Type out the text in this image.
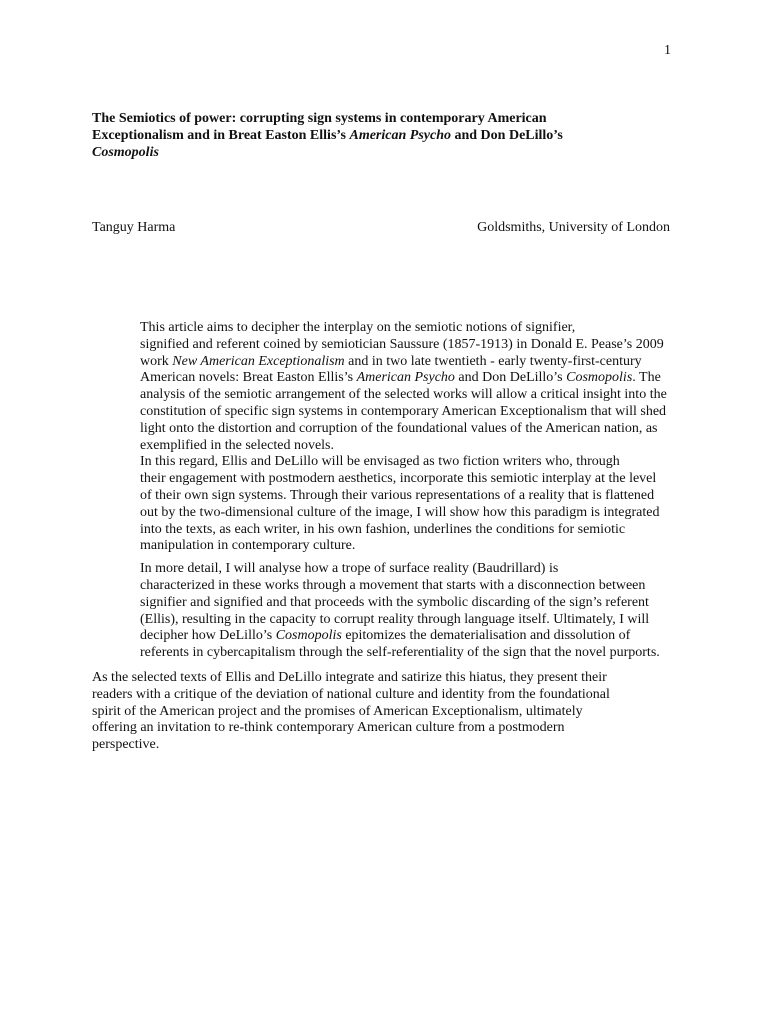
1
The Semiotics of power: corrupting sign systems in contemporary American
Exceptionalism and in Breat Easton Ellis’s American Psycho and Don DeLillo’s
Cosmopolis
Tanguy Harma	Goldsmiths, University of London

This article aims to decipher the interplay on the semiotic notions of signifier,
signified and referent coined by semiotician Saussure (1857-1913) in Donald E. Pease’s 2009
work New American Exceptionalism and in two late twentieth - early twenty-first-century
American novels: Breat Easton Ellis’s American Psycho and Don DeLillo’s Cosmopolis. The
analysis of the semiotic arrangement of the selected works will allow a critical insight into the
constitution of specific sign systems in contemporary American Exceptionalism that will shed
light onto the distortion and corruption of the foundational values of the American nation, as
exemplified in the selected novels.

In this regard, Ellis and DeLillo will be envisaged as two fiction writers who, through
their engagement with postmodern aesthetics, incorporate this semiotic interplay at the level
of their own sign systems. Through their various representations of a reality that is flattened
out by the two-dimensional culture of the image, I will show how this paradigm is integrated
into the texts, as each writer, in his own fashion, underlines the conditions for semiotic
manipulation in contemporary culture.

In more detail, I will analyse how a trope of surface reality (Baudrillard) is
characterized in these works through a movement that starts with a disconnection between
signifier and signified and that proceeds with the symbolic discarding of the sign’s referent
(Ellis), resulting in the capacity to corrupt reality through language itself. Ultimately, I will
decipher how DeLillo’s Cosmopolis epitomizes the dematerialisation and dissolution of
referents in cybercapitalism through the self-referentiality of the sign that the novel purports.

As the selected texts of Ellis and DeLillo integrate and satirize this hiatus, they present their
readers with a critique of the deviation of national culture and identity from the foundational
spirit of the American project and the promises of American Exceptionalism, ultimately
offering an invitation to re-think contemporary American culture from a postmodern
perspective.
